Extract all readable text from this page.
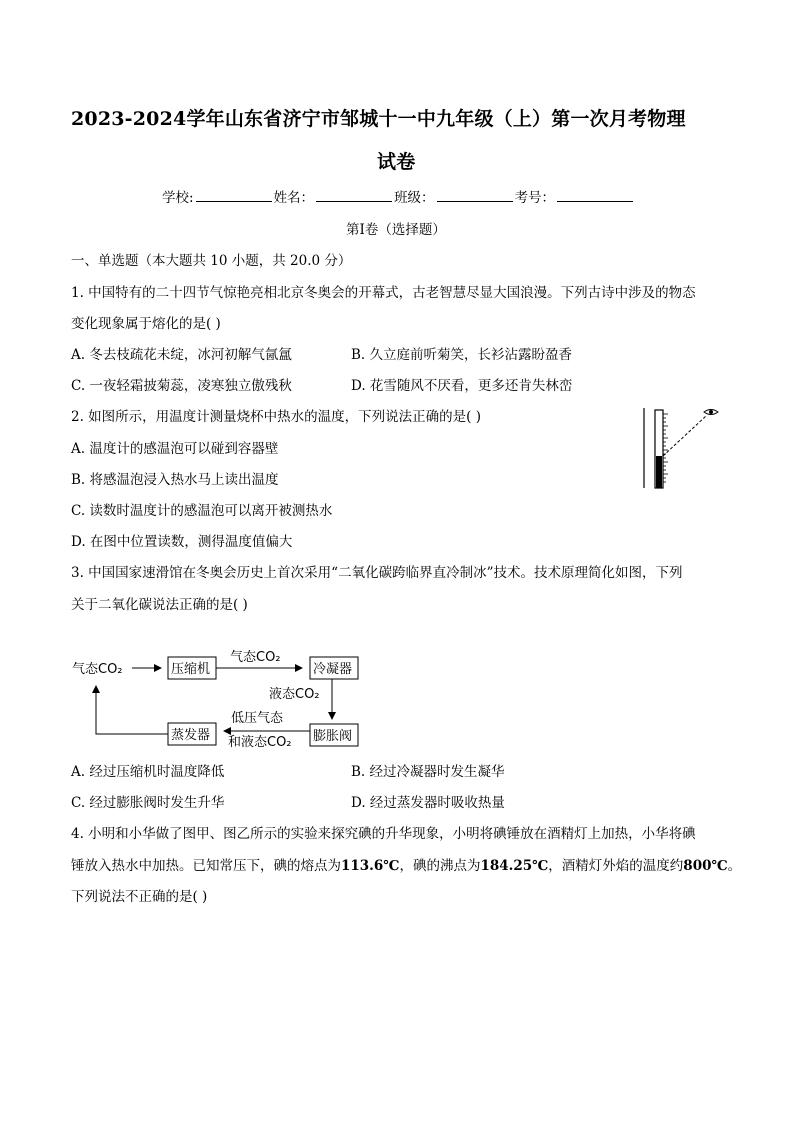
2023-2024学年山东省济宁市邹城十一中九年级（上）第一次月考物理
试卷
学校:	姓名：	班级：	考号：
第I卷（选择题）
一、单选题（本大题共 10 小题，共 20.0 分）
1. 中国特有的二十四节气惊艳亮相北京冬奥会的开幕式，古老智慧尽显大国浪漫。下列古诗中涉及的物态
变化现象属于熔化的是( )
A. 冬去枝疏花未绽，冰河初解气氤氲	B. 久立庭前听菊笑，长衫沾露盼盈香
C. 一夜轻霜披菊蕊，凌寒独立傲残秋	D. 花雪随风不厌看，更多还肯失林峦
2. 如图所示，用温度计测量烧杯中热水的温度，下列说法正确的是( )
A. 温度计的感温泡可以碰到容器壁
B. 将感温泡浸入热水马上读出温度
C. 读数时温度计的感温泡可以离开被测热水
D. 在图中位置读数，测得温度值偏大
3. 中国国家速滑馆在冬奥会历史上首次采用“二氧化碳跨临界直冷制冰”技术。技术原理简化如图，下列
关于二氧化碳说法正确的是( )
气态CO₂	压缩机
气态CO₂
冷凝器
液态CO₂
膨胀阀
低压气态
和液态CO₂
蒸发器
A. 经过压缩机时温度降低	B. 经过冷凝器时发生凝华
C. 经过膨胀阀时发生升华	D. 经过蒸发器时吸收热量
4. 小明和小华做了图甲、图乙所示的实验来探究碘的升华现象，小明将碘锤放在酒精灯上加热，小华将碘
锤放入热水中加热。已知常压下，碘的熔点为113.6℃，碘的沸点为184.25℃，酒精灯外焰的温度约800℃。
下列说法不正确的是( )
